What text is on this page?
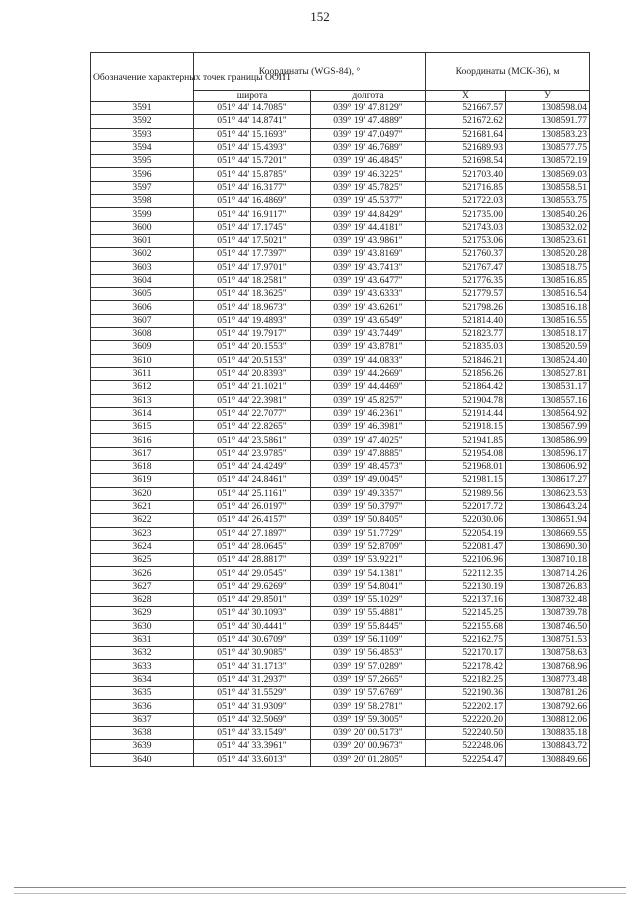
152
Обозначение характерных точек границы ООПТ	Координаты (WGS-84), °		Координаты (МСК-36), м	
	широта	долгота	X	У
3591	051° 44' 14.7085"	039° 19' 47.8129"	521667.57	1308598.04
3592	051° 44' 14.8741"	039° 19' 47.4889"	521672.62	1308591.77
3593	051° 44' 15.1693"	039° 19' 47.0497"	521681.64	1308583.23
3594	051° 44' 15.4393"	039° 19' 46.7689"	521689.93	1308577.75
3595	051° 44' 15.7201"	039° 19' 46.4845"	521698.54	1308572.19
3596	051° 44' 15.8785"	039° 19' 46.3225"	521703.40	1308569.03
3597	051° 44' 16.3177"	039° 19' 45.7825"	521716.85	1308558.51
3598	051° 44' 16.4869"	039° 19' 45.5377"	521722.03	1308553.75
3599	051° 44' 16.9117"	039° 19' 44.8429"	521735.00	1308540.26
3600	051° 44' 17.1745"	039° 19' 44.4181"	521743.03	1308532.02
3601	051° 44' 17.5021"	039° 19' 43.9861"	521753.06	1308523.61
3602	051° 44' 17.7397"	039° 19' 43.8169"	521760.37	1308520.28
3603	051° 44' 17.9701"	039° 19' 43.7413"	521767.47	1308518.75
3604	051° 44' 18.2581"	039° 19' 43.6477"	521776.35	1308516.85
3605	051° 44' 18.3625"	039° 19' 43.6333"	521779.57	1308516.54
3606	051° 44' 18.9673"	039° 19' 43.6261"	521798.26	1308516.18
3607	051° 44' 19.4893"	039° 19' 43.6549"	521814.40	1308516.55
3608	051° 44' 19.7917"	039° 19' 43.7449"	521823.77	1308518.17
3609	051° 44' 20.1553"	039° 19' 43.8781"	521835.03	1308520.59
3610	051° 44' 20.5153"	039° 19' 44.0833"	521846.21	1308524.40
3611	051° 44' 20.8393"	039° 19' 44.2669"	521856.26	1308527.81
3612	051° 44' 21.1021"	039° 19' 44.4469"	521864.42	1308531.17
3613	051° 44' 22.3981"	039° 19' 45.8257"	521904.78	1308557.16
3614	051° 44' 22.7077"	039° 19' 46.2361"	521914.44	1308564.92
3615	051° 44' 22.8265"	039° 19' 46.3981"	521918.15	1308567.99
3616	051° 44' 23.5861"	039° 19' 47.4025"	521941.85	1308586.99
3617	051° 44' 23.9785"	039° 19' 47.8885"	521954.08	1308596.17
3618	051° 44' 24.4249"	039° 19' 48.4573"	521968.01	1308606.92
3619	051° 44' 24.8461"	039° 19' 49.0045"	521981.15	1308617.27
3620	051° 44' 25.1161"	039° 19' 49.3357"	521989.56	1308623.53
3621	051° 44' 26.0197"	039° 19' 50.3797"	522017.72	1308643.24
3622	051° 44' 26.4157"	039° 19' 50.8405"	522030.06	1308651.94
3623	051° 44' 27.1897"	039° 19' 51.7729"	522054.19	1308669.55
3624	051° 44' 28.0645"	039° 19' 52.8709"	522081.47	1308690.30
3625	051° 44' 28.8817"	039° 19' 53.9221"	522106.96	1308710.18
3626	051° 44' 29.0545"	039° 19' 54.1381"	522112.35	1308714.26
3627	051° 44' 29.6269"	039° 19' 54.8041"	522130.19	1308726.83
3628	051° 44' 29.8501"	039° 19' 55.1029"	522137.16	1308732.48
3629	051° 44' 30.1093"	039° 19' 55.4881"	522145.25	1308739.78
3630	051° 44' 30.4441"	039° 19' 55.8445"	522155.68	1308746.50
3631	051° 44' 30.6709"	039° 19' 56.1109"	522162.75	1308751.53
3632	051° 44' 30.9085"	039° 19' 56.4853"	522170.17	1308758.63
3633	051° 44' 31.1713"	039° 19' 57.0289"	522178.42	1308768.96
3634	051° 44' 31.2937"	039° 19' 57.2665"	522182.25	1308773.48
3635	051° 44' 31.5529"	039° 19' 57.6769"	522190.36	1308781.26
3636	051° 44' 31.9309"	039° 19' 58.2781"	522202.17	1308792.66
3637	051° 44' 32.5069"	039° 19' 59.3005"	522220.20	1308812.06
3638	051° 44' 33.1549"	039° 20' 00.5173"	522240.50	1308835.18
3639	051° 44' 33.3961"	039° 20' 00.9673"	522248.06	1308843.72
3640	051° 44' 33.6013"	039° 20' 01.2805"	522254.47	1308849.66
